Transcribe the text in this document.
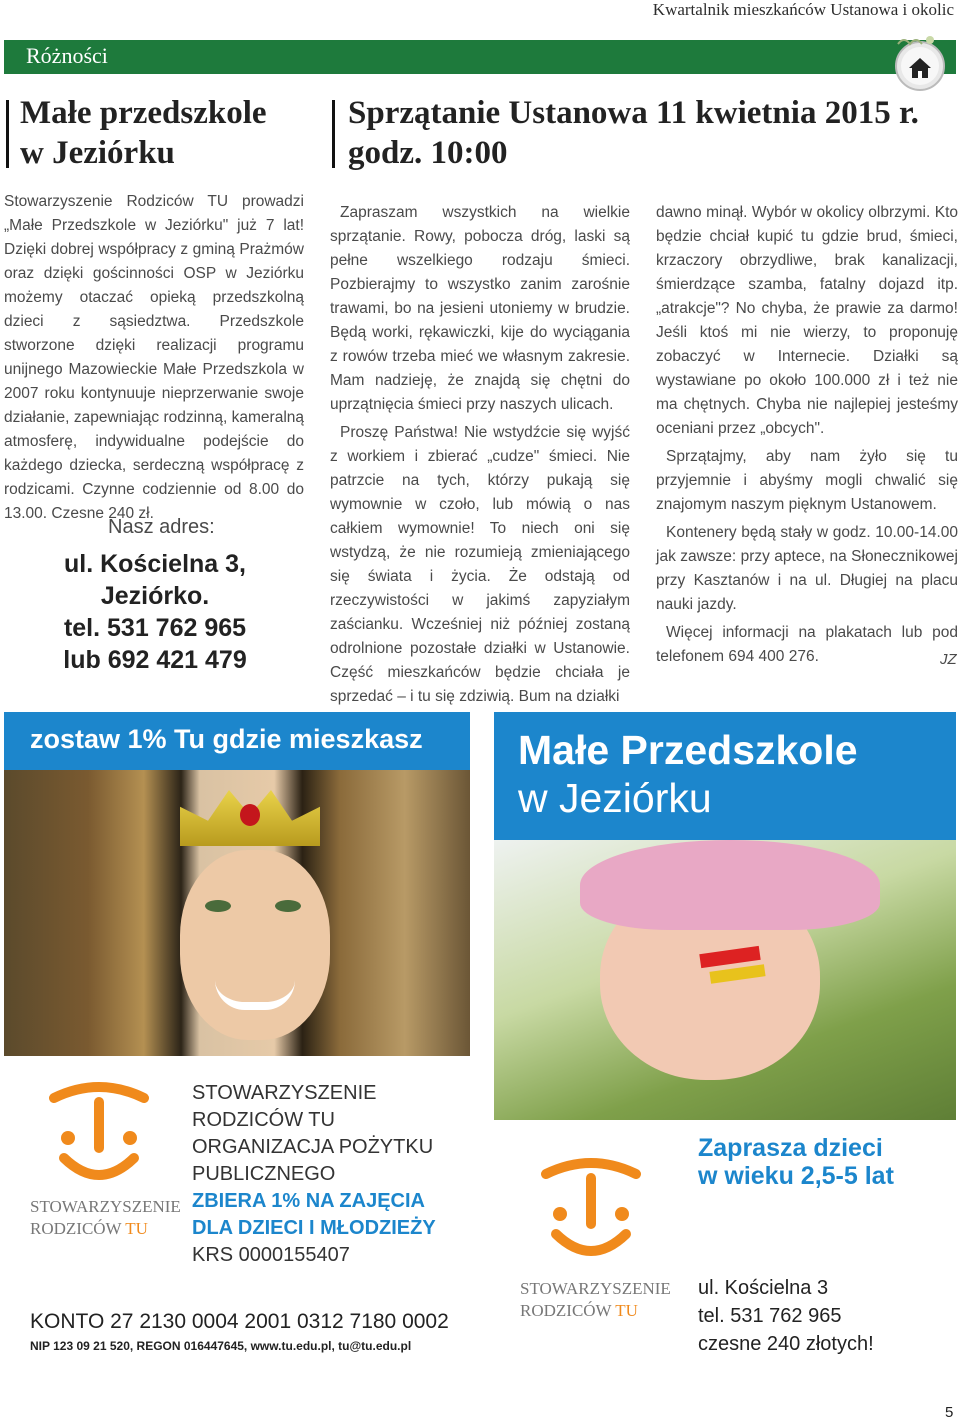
Kwartalnik mieszkańców Ustanowa i okolic
Różności
Małe przedszkole
w Jeziórku
Sprzątanie Ustanowa 11 kwietnia 2015 r.
godz. 10:00

Stowarzyszenie Rodziców TU prowadzi „Małe Przedszkole w Jeziórku" już 7 lat! Dzięki dobrej współpracy z gminą Prażmów oraz dzięki gościnności OSP w Jeziórku możemy otaczać opieką przedszkolną dzieci z sąsiedztwa. Przedszkole stworzone dzięki realizacji programu unijnego Mazowieckie Małe Przedszkola w 2007 roku kontynuuje nieprzerwanie swoje działanie, zapewniając rodzinną, kameralną atmosferę, indywidualne podejście do każdego dziecka, serdeczną współpracę z rodzicami. Czynne codziennie od 8.00 do 13.00. Czesne 240 zł.

Nasz adres:
ul. Kościelna 3,
Jeziórko.
tel. 531 762 965
lub 692 421 479

Zapraszam wszystkich na wielkie sprzątanie. Rowy, pobocza dróg, laski są pełne wszelkiego rodzaju śmieci. Pozbierajmy to wszystko zanim zarośnie trawami, bo na jesieni utoniemy w brudzie. Będą worki, rękawiczki, kije do wyciągania z rowów trzeba mieć we własnym zakresie. Mam nadzieję, że znajdą się chętni do uprzątnięcia śmieci przy naszych ulicach.

Proszę Państwa! Nie wstydźcie się wyjść z workiem i zbierać „cudze" śmieci. Nie patrzcie na tych, którzy pukają się wymownie w czoło, lub mówią o nas całkiem wymownie! To niech oni się wstydzą, że nie rozumieją zmieniającego się świata i życia. Że odstają od rzeczywistości w jakimś zapyziałym zaścianku. Wcześniej niż później zostaną odrolnione pozostałe działki w Ustanowie. Część mieszkańców będzie chciała je sprzedać – i tu się zdziwią. Bum na działki

dawno minął. Wybór w okolicy olbrzymi. Kto będzie chciał kupić tu gdzie brud, śmieci, krzaczory obrzydliwe, brak kanalizacji, śmierdzące szamba, fatalny dojazd itp. „atrakcje"? No chyba, że prawie za darmo! Jeśli ktoś mi nie wierzy, to proponuję zobaczyć w Internecie. Działki są wystawiane po około 100.000 zł i też nie ma chętnych. Chyba nie najlepiej jesteśmy oceniani przez „obcych".

Sprzątajmy, aby nam żyło się tu przyjemnie i abyśmy mogli chwalić się znajomym naszym pięknym Ustanowem.

Kontenery będą stały w godz. 10.00-14.00 jak zawsze: przy aptece, na Słonecznikowej przy Kasztanów i na ul. Długiej na placu nauki jazdy.

Więcej informacji na plakatach lub pod telefonem 694 400 276.	JZ
zostaw 1% Tu gdzie mieszkasz
STOWARZYSZENIE
RODZICÓW TU
STOWARZYSZENIE
RODZICÓW TU
ORGANIZACJA POŻYTKU
PUBLICZNEGO
ZBIERA 1% NA ZAJĘCIA
DLA DZIECI I MŁODZIEŻY
KRS 0000155407
KONTO 27 2130 0004 2001 0312 7180 0002
NIP 123 09 21 520, REGON 016447645, www.tu.edu.pl, tu@tu.edu.pl
Małe Przedszkole
w Jeziórku
Zaprasza dzieci
w wieku 2,5-5 lat
STOWARZYSZENIE
RODZICÓW TU
ul. Kościelna 3
tel. 531 762 965
czesne 240 złotych!
5
